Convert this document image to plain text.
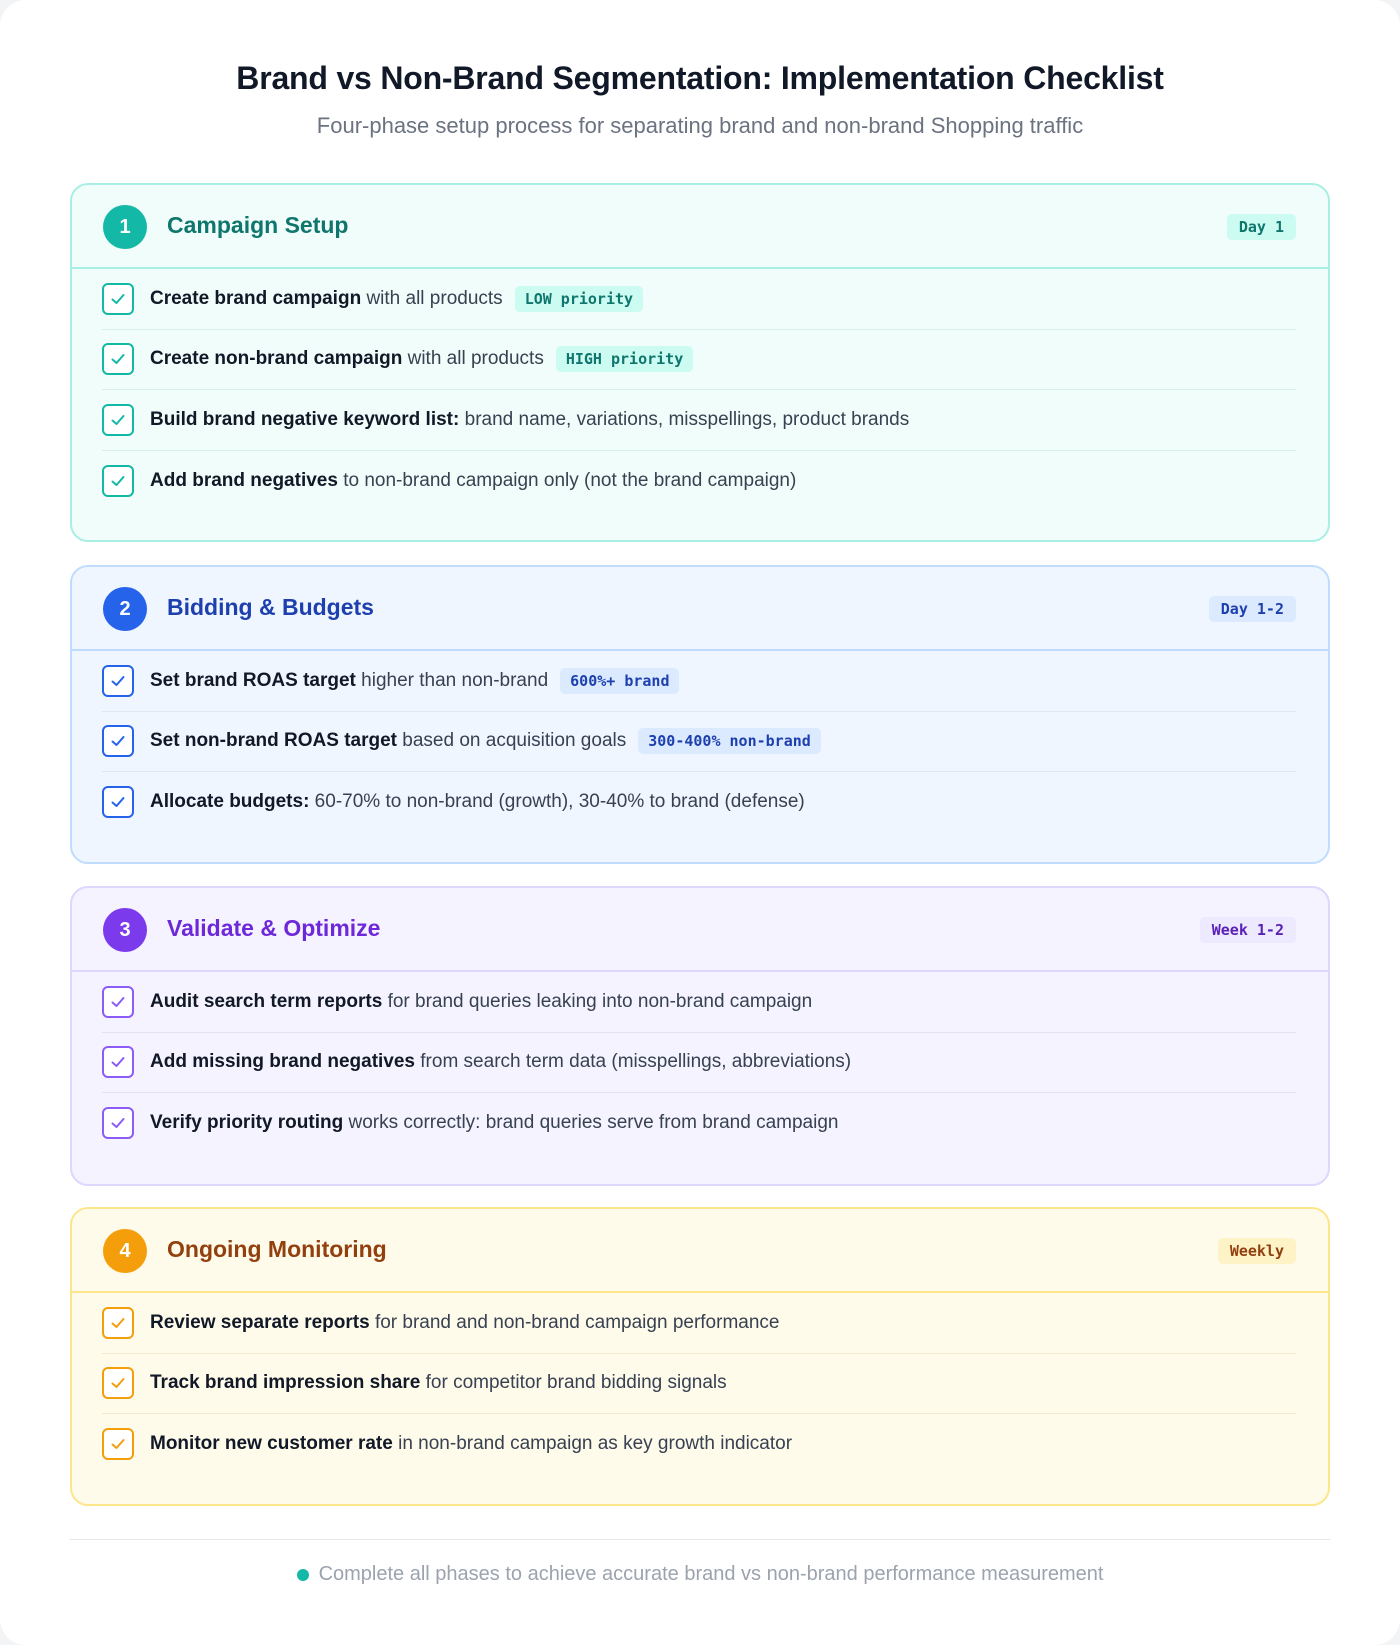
Brand vs Non-Brand Segmentation: Implementation Checklist

Four-phase setup process for separating brand and non-brand Shopping traffic

1	Campaign Setup	Day 1
Create brand campaign with all products	LOW priority
Create non-brand campaign with all products	HIGH priority
Build brand negative keyword list: brand name, variations, misspellings, product brands
Add brand negatives to non-brand campaign only (not the brand campaign)
2	Bidding & Budgets	Day 1-2
Set brand ROAS target higher than non-brand	600%+ brand
Set non-brand ROAS target based on acquisition goals	300-400% non-brand
Allocate budgets: 60-70% to non-brand (growth), 30-40% to brand (defense)
3	Validate & Optimize	Week 1-2
Audit search term reports for brand queries leaking into non-brand campaign
Add missing brand negatives from search term data (misspellings, abbreviations)
Verify priority routing works correctly: brand queries serve from brand campaign
4	Ongoing Monitoring	Weekly
Review separate reports for brand and non-brand campaign performance
Track brand impression share for competitor brand bidding signals
Monitor new customer rate in non-brand campaign as key growth indicator
Complete all phases to achieve accurate brand vs non-brand performance measurement
